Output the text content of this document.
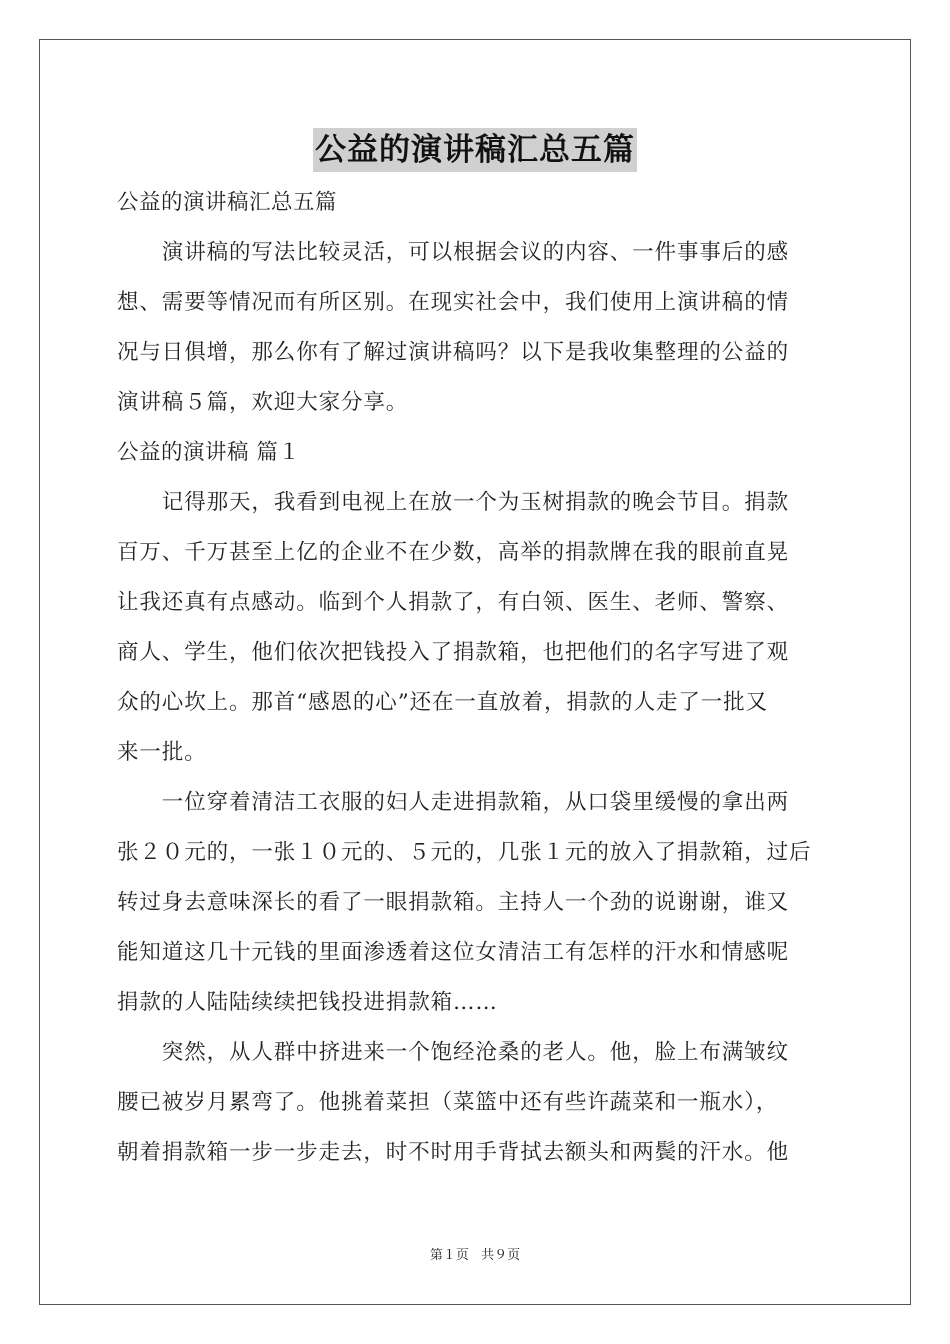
公益的演讲稿汇总五篇
公益的演讲稿汇总五篇
　　演讲稿的写法比较灵活，可以根据会议的内容、一件事事后的感
想、需要等情况而有所区别。在现实社会中，我们使用上演讲稿的情
况与日俱增，那么你有了解过演讲稿吗？以下是我收集整理的公益的
演讲稿５篇，欢迎大家分享。
公益的演讲稿 篇１
　　记得那天，我看到电视上在放一个为玉树捐款的晚会节目。捐款
百万、千万甚至上亿的企业不在少数，高举的捐款牌在我的眼前直晃
让我还真有点感动。临到个人捐款了，有白领、医生、老师、警察、
商人、学生，他们依次把钱投入了捐款箱，也把他们的名字写进了观
众的心坎上。那首“感恩的心”还在一直放着，捐款的人走了一批又
来一批。
　　一位穿着清洁工衣服的妇人走进捐款箱，从口袋里缓慢的拿出两
张２０元的，一张１０元的、５元的，几张１元的放入了捐款箱，过后
转过身去意味深长的看了一眼捐款箱。主持人一个劲的说谢谢，谁又
能知道这几十元钱的里面渗透着这位女清洁工有怎样的汗水和情感呢
捐款的人陆陆续续把钱投进捐款箱……
　　突然，从人群中挤进来一个饱经沧桑的老人。他，脸上布满皱纹
腰已被岁月累弯了。他挑着菜担（菜篮中还有些许蔬菜和一瓶水），
朝着捐款箱一步一步走去，时不时用手背拭去额头和两鬓的汗水。他
第１页 共９页
